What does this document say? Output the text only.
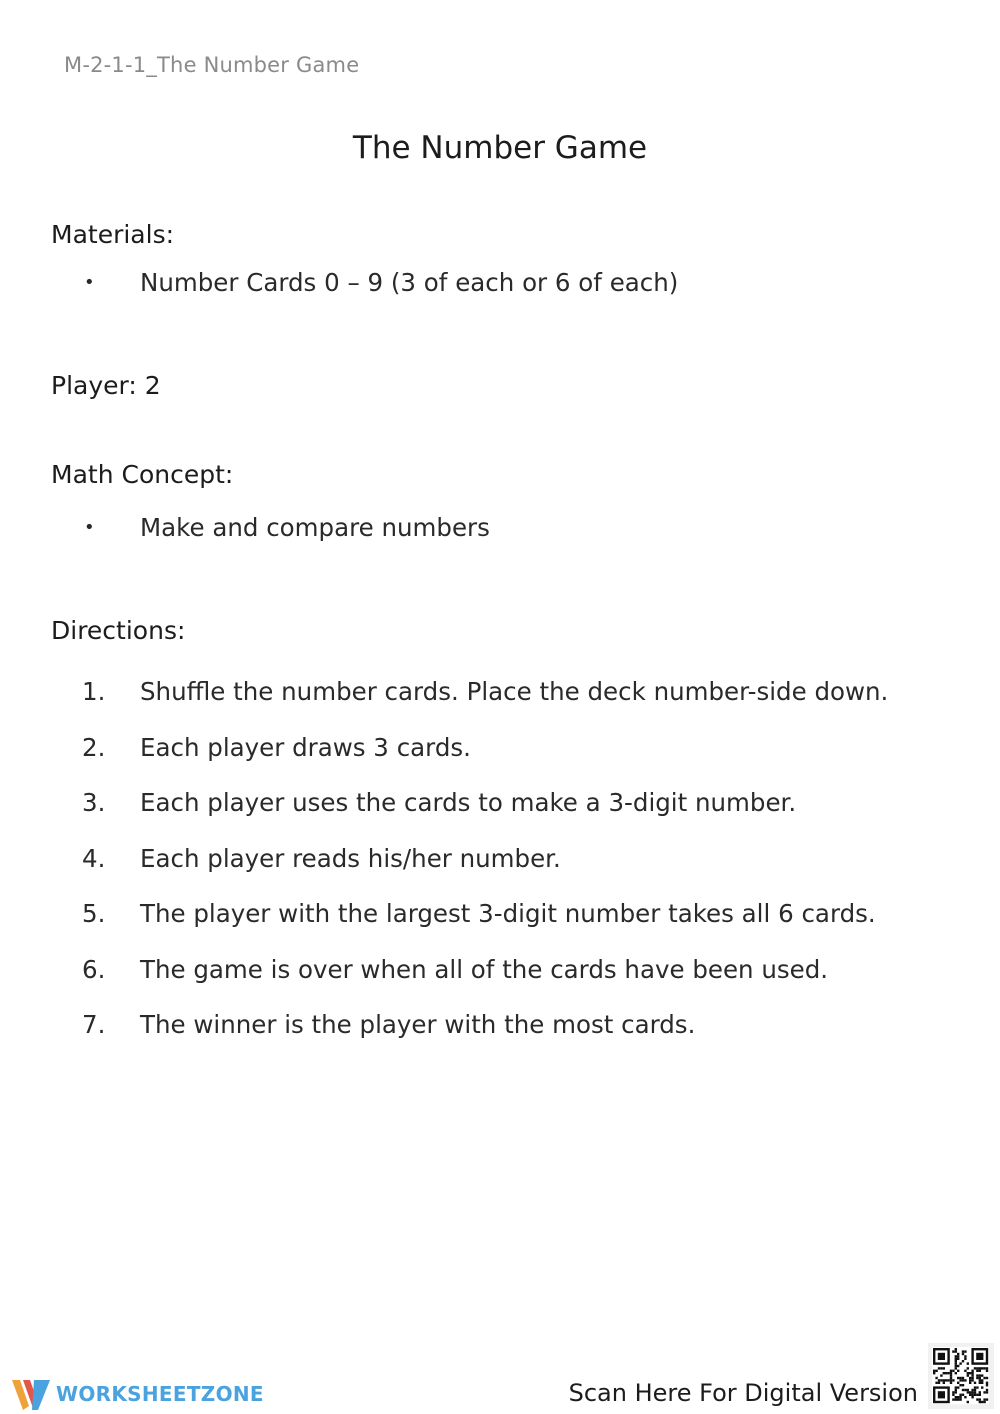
M-2-1-1_The Number Game
The Number Game
Materials:
• Number Cards 0 – 9 (3 of each or 6 of each)
Player: 2
Math Concept:
• Make and compare numbers
Directions:
1.	Shuffle the number cards. Place the deck number-side down.
2.	Each player draws 3 cards.
3.	Each player uses the cards to make a 3-digit number.
4.	Each player reads his/her number.
5.	The player with the largest 3-digit number takes all 6 cards.
6.	The game is over when all of the cards have been used.
7.	The winner is the player with the most cards.
WORKSHEETZONE	Scan Here For Digital Version
